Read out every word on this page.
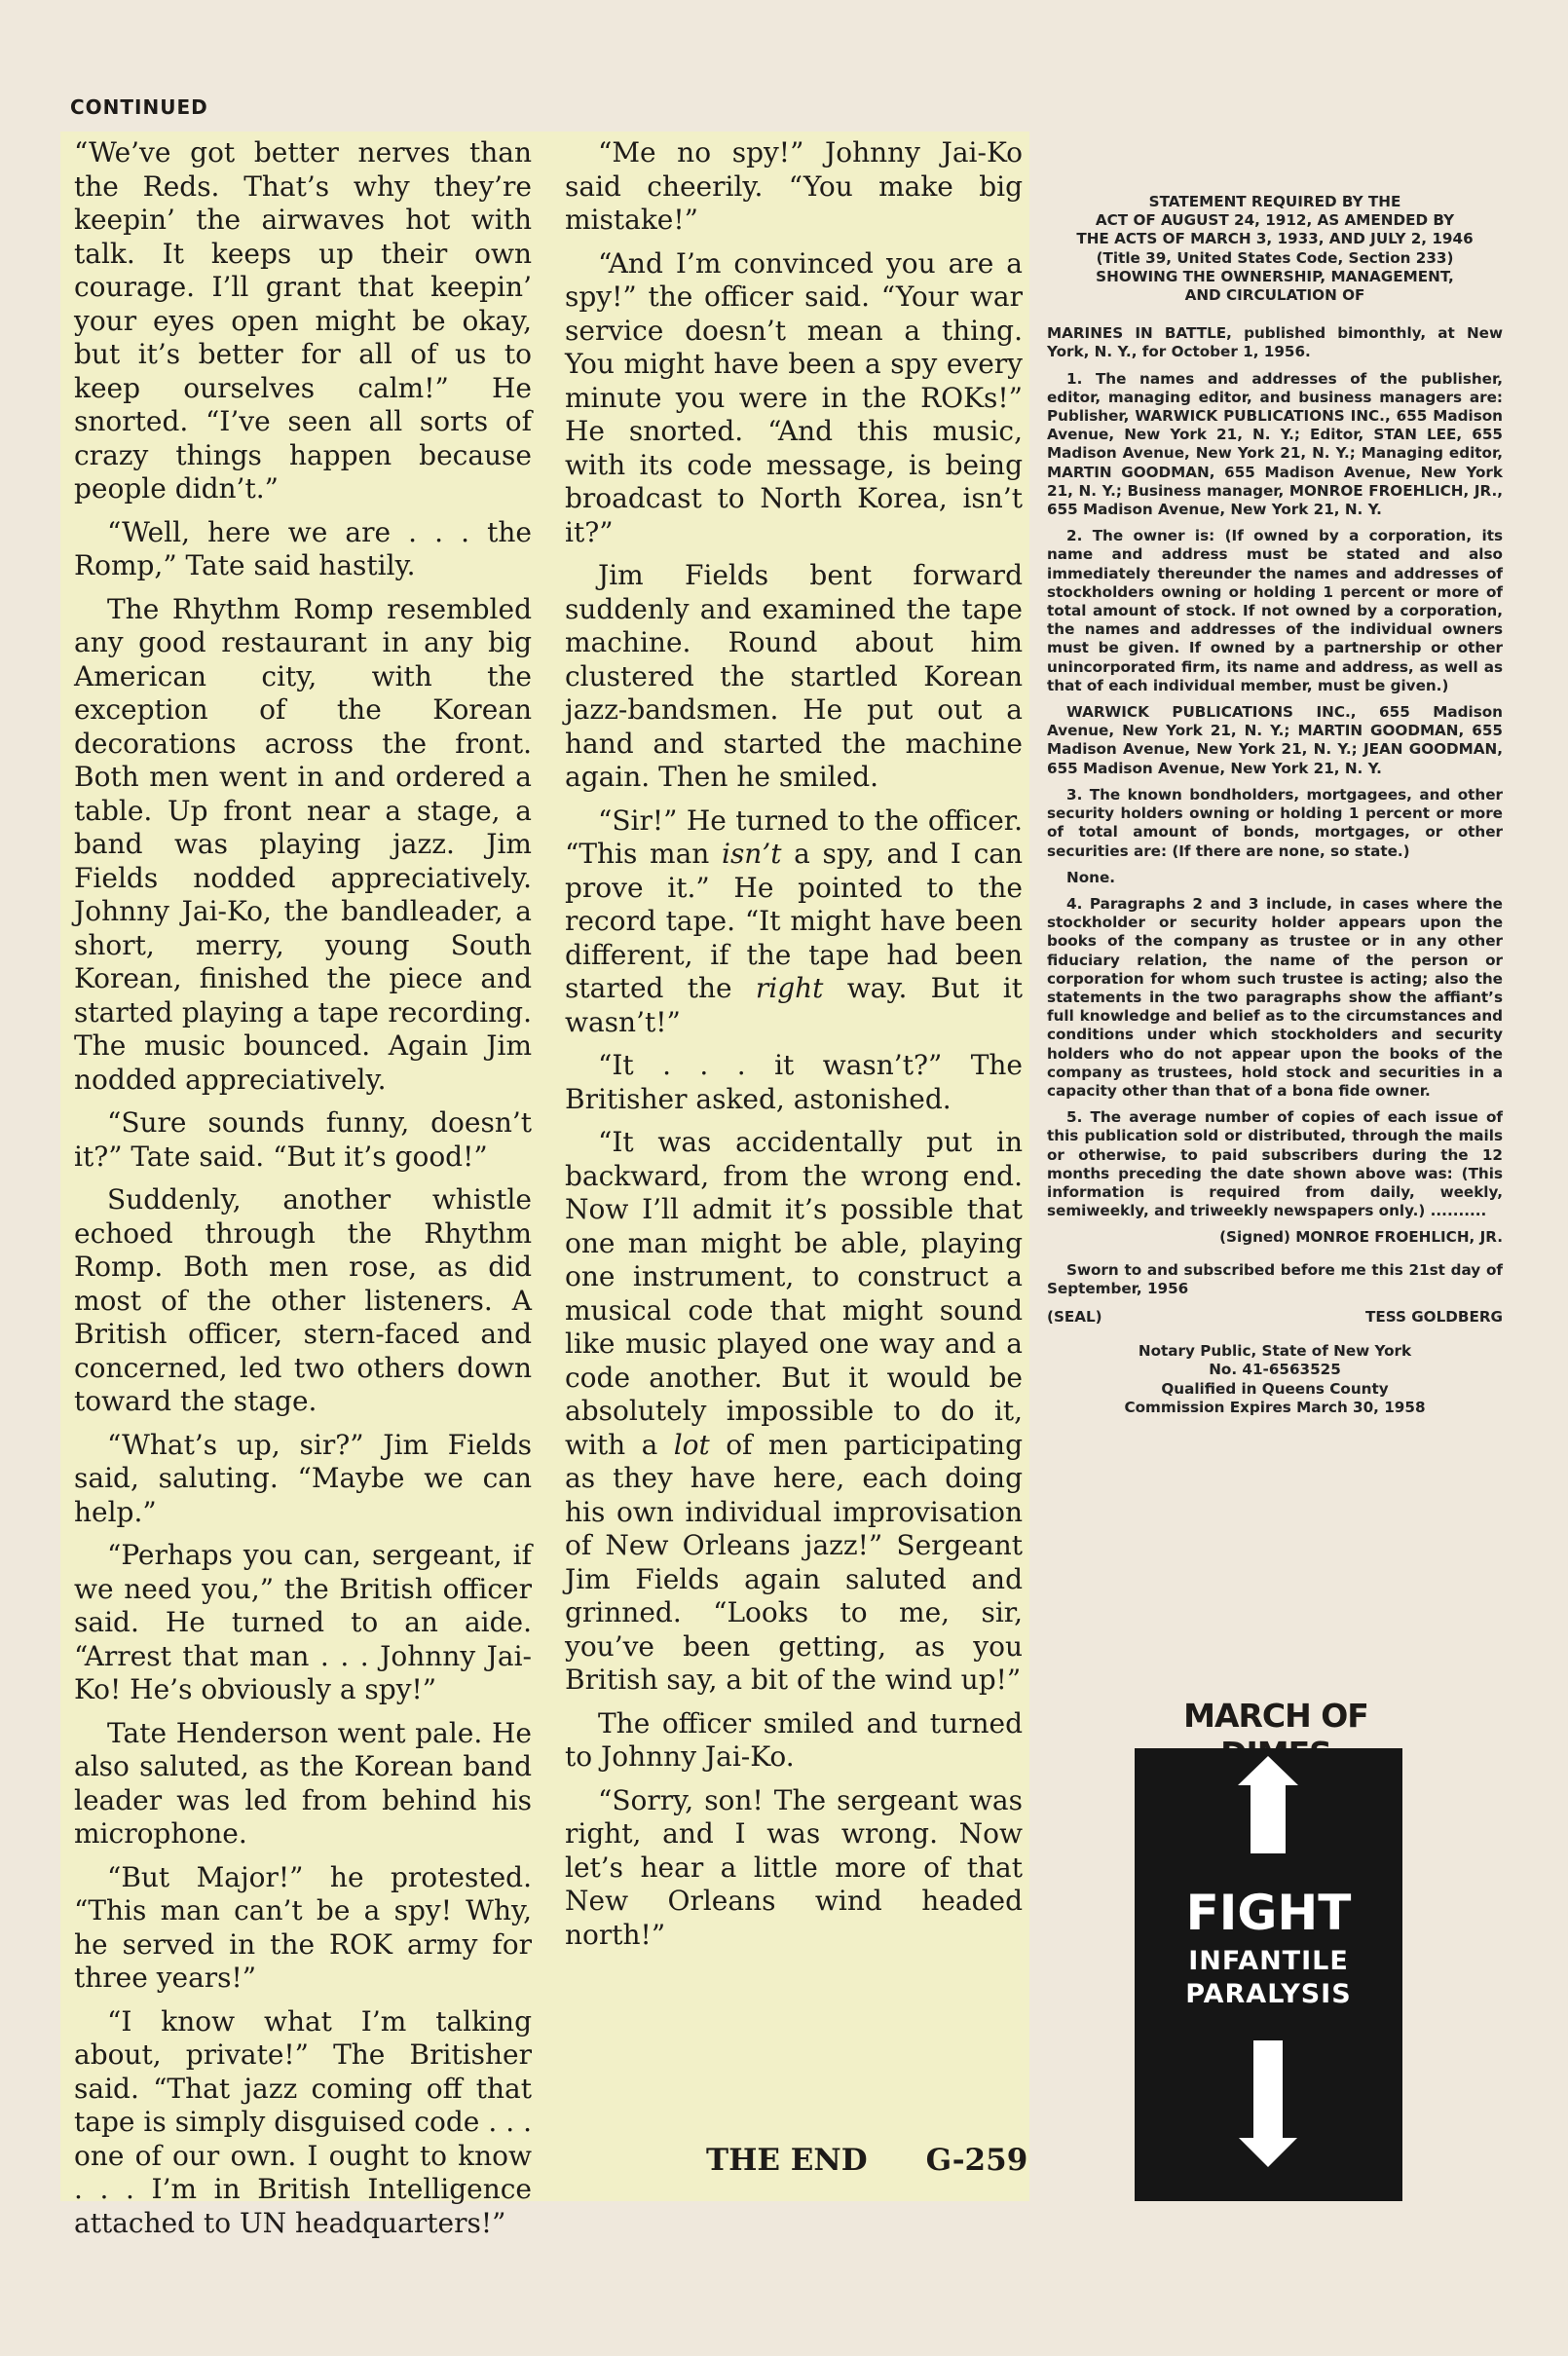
CONTINUED

“We’ve got better nerves than the Reds. That’s why they’re keepin’ the airwaves hot with talk. It keeps up their own courage. I’ll grant that keepin’ your eyes open might be okay, but it’s better for all of us to keep ourselves calm!” He snorted. “I’ve seen all sorts of crazy things happen because people didn’t.”

“Well, here we are . . . the Romp,” Tate said hastily.

The Rhythm Romp resembled any good restaurant in any big American city, with the exception of the Korean decorations across the front. Both men went in and ordered a table. Up front near a stage, a band was playing jazz. Jim Fields nodded appreciatively. Johnny Jai-Ko, the bandleader, a short, merry, young South Korean, finished the piece and started playing a tape recording. The music bounced. Again Jim nodded appreciatively.

“Sure sounds funny, doesn’t it?” Tate said. “But it’s good!”

Suddenly, another whistle echoed through the Rhythm Romp. Both men rose, as did most of the other listeners. A British officer, stern-faced and concerned, led two others down toward the stage.

“What’s up, sir?” Jim Fields said, saluting. “Maybe we can help.”

“Perhaps you can, sergeant, if we need you,” the British officer said. He turned to an aide. “Arrest that man . . . Johnny Jai-Ko! He’s obviously a spy!”

Tate Henderson went pale. He also saluted, as the Korean band leader was led from behind his microphone.

“But Major!” he protested. “This man can’t be a spy! Why, he served in the ROK army for three years!”

“I know what I’m talking about, private!” The Britisher said. “That jazz coming off that tape is simply disguised code . . . one of our own. I ought to know . . . I’m in British Intelligence attached to UN headquarters!”

“Me no spy!” Johnny Jai-Ko said cheerily. “You make big mistake!”

“And I’m convinced you are a spy!” the officer said. “Your war service doesn’t mean a thing. You might have been a spy every minute you were in the ROKs!” He snorted. “And this music, with its code message, is being broadcast to North Korea, isn’t it?”

Jim Fields bent forward suddenly and examined the tape machine. Round about him clustered the startled Korean jazz-bandsmen. He put out a hand and started the machine again. Then he smiled.

“Sir!” He turned to the officer. “This man isn’t a spy, and I can prove it.” He pointed to the record tape. “It might have been different, if the tape had been started the right way. But it wasn’t!”

“It . . . it wasn’t?” The Britisher asked, astonished.

“It was accidentally put in backward, from the wrong end. Now I’ll admit it’s possible that one man might be able, playing one instrument, to construct a musical code that might sound like music played one way and a code another. But it would be absolutely impossible to do it, with a lot of men participating as they have here, each doing his own individual improvisation of New Orleans jazz!” Sergeant Jim Fields again saluted and grinned. “Looks to me, sir, you’ve been getting, as you British say, a bit of the wind up!”

The officer smiled and turned to Johnny Jai-Ko.

“Sorry, son! The sergeant was right, and I was wrong. Now let’s hear a little more of that New Orleans wind headed north!”

THE END G-259
STATEMENT REQUIRED BY THE
ACT OF AUGUST 24, 1912, AS AMENDED BY
THE ACTS OF MARCH 3, 1933, AND JULY 2, 1946
(Title 39, United States Code, Section 233)
SHOWING THE OWNERSHIP, MANAGEMENT,
AND CIRCULATION OF

MARINES IN BATTLE, published bimonthly, at New York, N. Y., for October 1, 1956.

1. The names and addresses of the publisher, editor, managing editor, and business managers are: Publisher, WARWICK PUBLICATIONS INC., 655 Madison Avenue, New York 21, N. Y.; Editor, STAN LEE, 655 Madison Avenue, New York 21, N. Y.; Managing editor, MARTIN GOODMAN, 655 Madison Avenue, New York 21, N. Y.; Business manager, MONROE FROEHLICH, JR., 655 Madison Avenue, New York 21, N. Y.

2. The owner is: (If owned by a corporation, its name and address must be stated and also immediately thereunder the names and addresses of stockholders owning or holding 1 percent or more of total amount of stock. If not owned by a corporation, the names and addresses of the individual owners must be given. If owned by a partnership or other unincorporated firm, its name and address, as well as that of each individual member, must be given.)

WARWICK PUBLICATIONS INC., 655 Madison Avenue, New York 21, N. Y.; MARTIN GOODMAN, 655 Madison Avenue, New York 21, N. Y.; JEAN GOODMAN, 655 Madison Avenue, New York 21, N. Y.

3. The known bondholders, mortgagees, and other security holders owning or holding 1 percent or more of total amount of bonds, mortgages, or other securities are: (If there are none, so state.)

None.

4. Paragraphs 2 and 3 include, in cases where the stockholder or security holder appears upon the books of the company as trustee or in any other fiduciary relation, the name of the person or corporation for whom such trustee is acting; also the statements in the two paragraphs show the affiant’s full knowledge and belief as to the circumstances and conditions under which stockholders and security holders who do not appear upon the books of the company as trustees, hold stock and securities in a capacity other than that of a bona fide owner.

5. The average number of copies of each issue of this publication sold or distributed, through the mails or otherwise, to paid subscribers during the 12 months preceding the date shown above was: (This information is required from daily, weekly, semiweekly, and triweekly newspapers only.) ..........

(Signed) MONROE FROEHLICH, JR.

Sworn to and subscribed before me this 21st day of September, 1956

(SEAL)	TESS GOLDBERG
Notary Public, State of New York
No. 41-6563525
Qualified in Queens County
Commission Expires March 30, 1958
MARCH OF
FIGHT
INFANTILE
PARALYSIS
